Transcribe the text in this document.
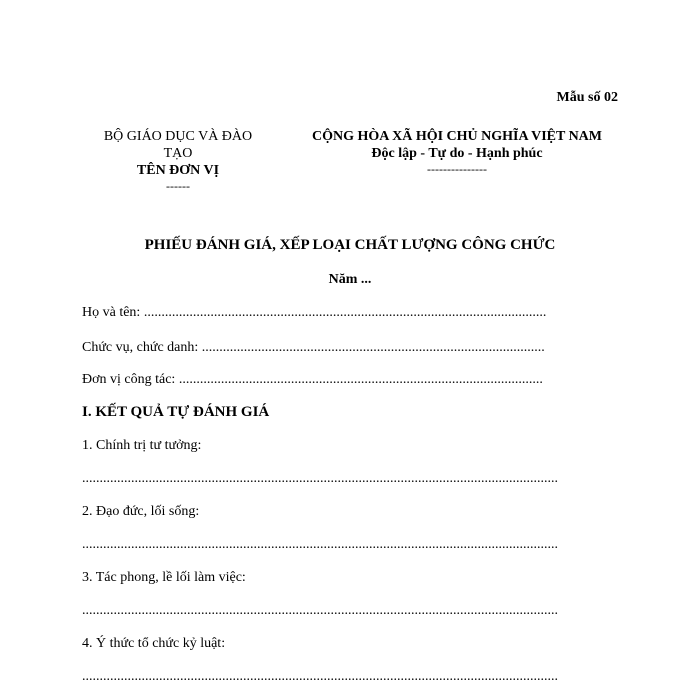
Mẫu số 02
BỘ GIÁO DỤC VÀ ĐÀO
TẠO
TÊN ĐƠN VỊ
------
CỘNG HÒA XÃ HỘI CHỦ NGHĨA VIỆT NAM
Độc lập - Tự do - Hạnh phúc
---------------
PHIẾU ĐÁNH GIÁ, XẾP LOẠI CHẤT LƯỢNG CÔNG CHỨC
Năm ...
Họ và tên: ...................................................................................................................
Chức vụ, chức danh: ..................................................................................................
Đơn vị công tác: ........................................................................................................
I. KẾT QUẢ TỰ ĐÁNH GIÁ
1. Chính trị tư tưởng:
........................................................................................................................................
2. Đạo đức, lối sống:
........................................................................................................................................
3. Tác phong, lề lối làm việc:
........................................................................................................................................
4. Ý thức tổ chức kỷ luật:
........................................................................................................................................
